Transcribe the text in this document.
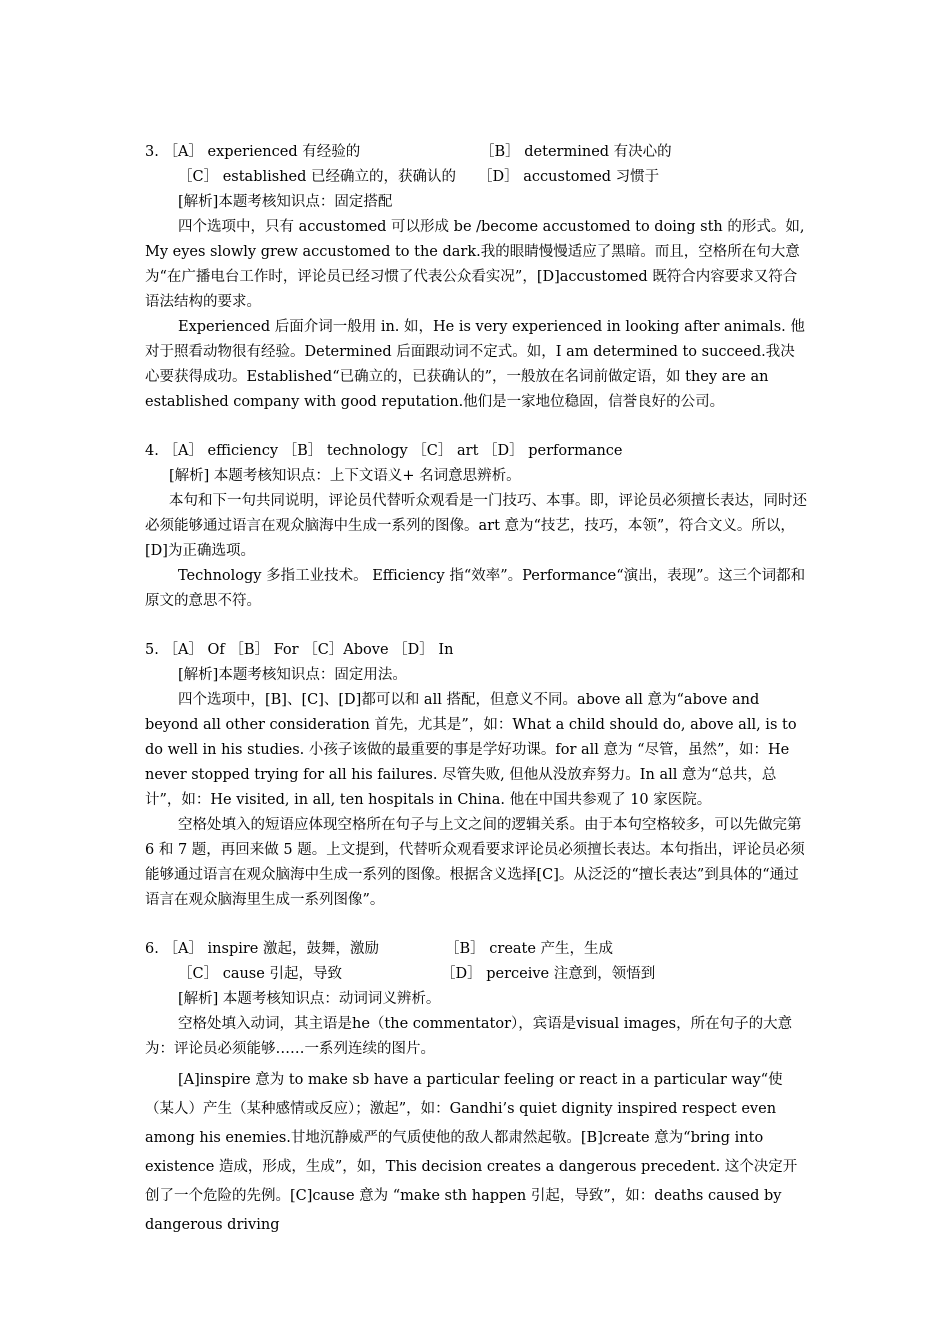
3. ［A］ experienced 有经验的	［B］ determined 有决心的

［C］ established 已经确立的，获确认的 ［D］ accustomed 习惯于

[解析]本题考核知识点：固定搭配

四个选项中，只有 accustomed 可以形成 be /become accustomed to doing sth 的形式。如, My eyes slowly grew accustomed to the dark.我的眼睛慢慢适应了黑暗。而且，空格所在句大意为“在广播电台工作时，评论员已经习惯了代表公众看实况”，[D]accustomed 既符合内容要求又符合语法结构的要求。

Experienced 后面介词一般用 in. 如，He is very experienced in looking after animals. 他对于照看动物很有经验。Determined 后面跟动词不定式。如，I am determined to succeed.我决心要获得成功。Established“已确立的，已获确认的”，一般放在名词前做定语，如 they are an established company with good reputation.他们是一家地位稳固，信誉良好的公司。

4. ［A］ efficiency ［B］ technology ［C］ art ［D］ performance

[解析] 本题考核知识点：上下文语义+ 名词意思辨析。

本句和下一句共同说明，评论员代替听众观看是一门技巧、本事。即，评论员必须擅长表达，同时还必须能够通过语言在观众脑海中生成一系列的图像。art 意为“技艺，技巧，本领”，符合文义。所以，[D]为正确选项。

Technology 多指工业技术。 Efficiency 指“效率”。Performance“演出，表现”。这三个词都和原文的意思不符。

5. ［A］ Of ［B］ For ［C］Above ［D］ In

[解析]本题考核知识点：固定用法。

四个选项中，[B]、[C]、[D]都可以和 all 搭配，但意义不同。above all 意为“above and beyond all other consideration 首先，尤其是”，如：What a child should do, above all, is to do well in his studies. 小孩子该做的最重要的事是学好功课。for all 意为 “尽管，虽然”，如：He never stopped trying for all his failures. 尽管失败, 但他从没放弃努力。In all 意为“总共，总计”，如：He visited, in all, ten hospitals in China. 他在中国共参观了 10 家医院。

空格处填入的短语应体现空格所在句子与上文之间的逻辑关系。由于本句空格较多，可以先做完第 6 和 7 题，再回来做 5 题。上文提到，代替听众观看要求评论员必须擅长表达。本句指出，评论员必须能够通过语言在观众脑海中生成一系列的图像。根据含义选择[C]。从泛泛的“擅长表达”到具体的“通过语言在观众脑海里生成一系列图像”。

6. ［A］ inspire 激起，鼓舞，激励	［B］ create 产生，生成

［C］ cause 引起，导致	［D］ perceive 注意到，领悟到

[解析] 本题考核知识点：动词词义辨析。

空格处填入动词，其主语是he（the commentator），宾语是visual images，所在句子的大意为：评论员必须能够……一系列连续的图片。

[A]inspire 意为 to make sb have a particular feeling or react in a particular way“使（某人）产生（某种感情或反应）；激起”，如：Gandhi’s quiet dignity inspired respect even among his enemies.甘地沉静威严的气质使他的敌人都肃然起敬。[B]create 意为“bring into existence 造成，形成，生成”，如，This decision creates a dangerous precedent. 这个决定开创了一个危险的先例。[C]cause 意为 “make sth happen 引起，导致”，如：deaths caused by dangerous driving
